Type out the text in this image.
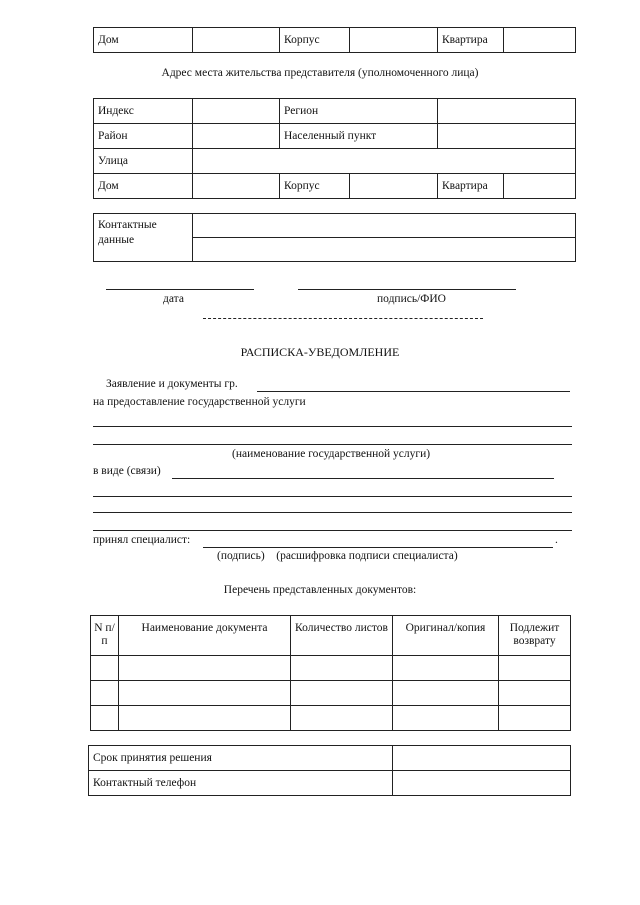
Дом		Корпус		Квартира	
Адрес места жительства представителя (уполномоченного лица)
Индекс		Регион			
Район		Населенный пункт			
Улица					
Дом		Корпус		Квартира	
Контактные
данные	

дата	подпись/ФИО
РАСПИСКА-УВЕДОМЛЕНИЕ
Заявление и документы гр.
на предоставление государственной услуги
(наименование государственной услуги)
в виде (связи)
принял специалист:	.
(подпись)    (расшифровка подписи специалиста)
Перечень представленных документов:
N п/п	Наименование документа	Количество листов	Оригинал/копия	Подлежит возврату

Срок принятия решения	
Контактный телефон	
